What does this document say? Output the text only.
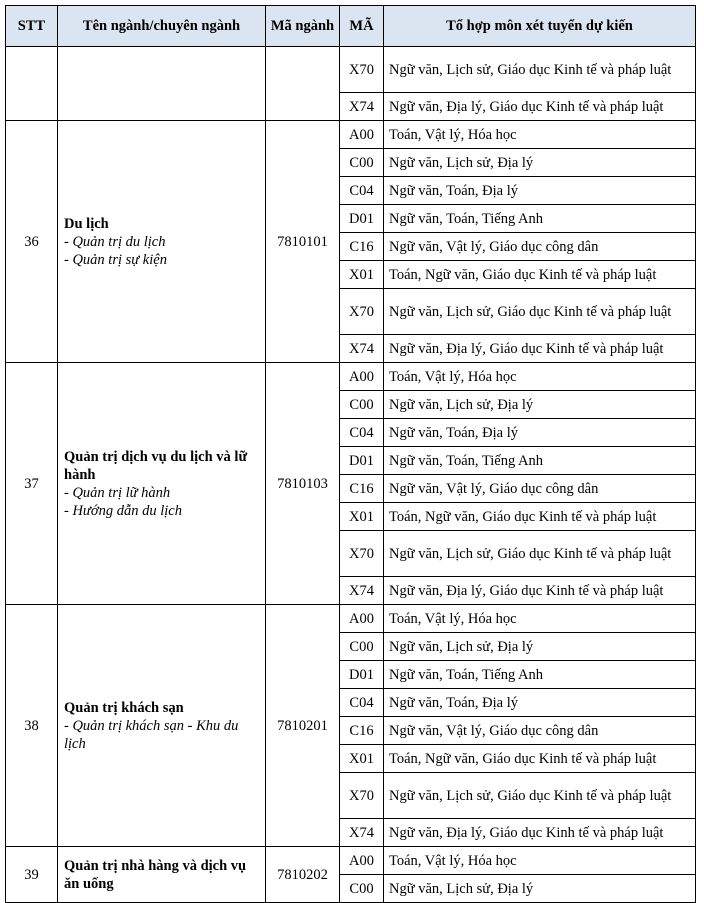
STT	Tên ngành/chuyên ngành	Mã ngành	MÃ	Tổ hợp môn xét tuyển dự kiến
			X70	Ngữ văn, Lịch sử, Giáo dục Kinh tế và pháp luật
			X74	Ngữ văn, Địa lý, Giáo dục Kinh tế và pháp luật
36	Du lịch
- Quản trị du lịch
- Quản trị sự kiện	7810101	A00	Toán, Vật lý, Hóa học
			C00	Ngữ văn, Lịch sử, Địa lý
			C04	Ngữ văn, Toán, Địa lý
			D01	Ngữ văn, Toán, Tiếng Anh
			C16	Ngữ văn, Vật lý, Giáo dục công dân
			X01	Toán, Ngữ văn, Giáo dục Kinh tế và pháp luật
			X70	Ngữ văn, Lịch sử, Giáo dục Kinh tế và pháp luật
			X74	Ngữ văn, Địa lý, Giáo dục Kinh tế và pháp luật
37	Quản trị dịch vụ du lịch và lữ hành
- Quản trị lữ hành
- Hướng dẫn du lịch	7810103	A00	Toán, Vật lý, Hóa học
			C00	Ngữ văn, Lịch sử, Địa lý
			C04	Ngữ văn, Toán, Địa lý
			D01	Ngữ văn, Toán, Tiếng Anh
			C16	Ngữ văn, Vật lý, Giáo dục công dân
			X01	Toán, Ngữ văn, Giáo dục Kinh tế và pháp luật
			X70	Ngữ văn, Lịch sử, Giáo dục Kinh tế và pháp luật
			X74	Ngữ văn, Địa lý, Giáo dục Kinh tế và pháp luật
38	Quản trị khách sạn
- Quản trị khách sạn - Khu du lịch	7810201	A00	Toán, Vật lý, Hóa học
			C00	Ngữ văn, Lịch sử, Địa lý
			D01	Ngữ văn, Toán, Tiếng Anh
			C04	Ngữ văn, Toán, Địa lý
			C16	Ngữ văn, Vật lý, Giáo dục công dân
			X01	Toán, Ngữ văn, Giáo dục Kinh tế và pháp luật
			X70	Ngữ văn, Lịch sử, Giáo dục Kinh tế và pháp luật
			X74	Ngữ văn, Địa lý, Giáo dục Kinh tế và pháp luật
39	Quản trị nhà hàng và dịch vụ ăn uống	7810202	A00	Toán, Vật lý, Hóa học
			C00	Ngữ văn, Lịch sử, Địa lý
